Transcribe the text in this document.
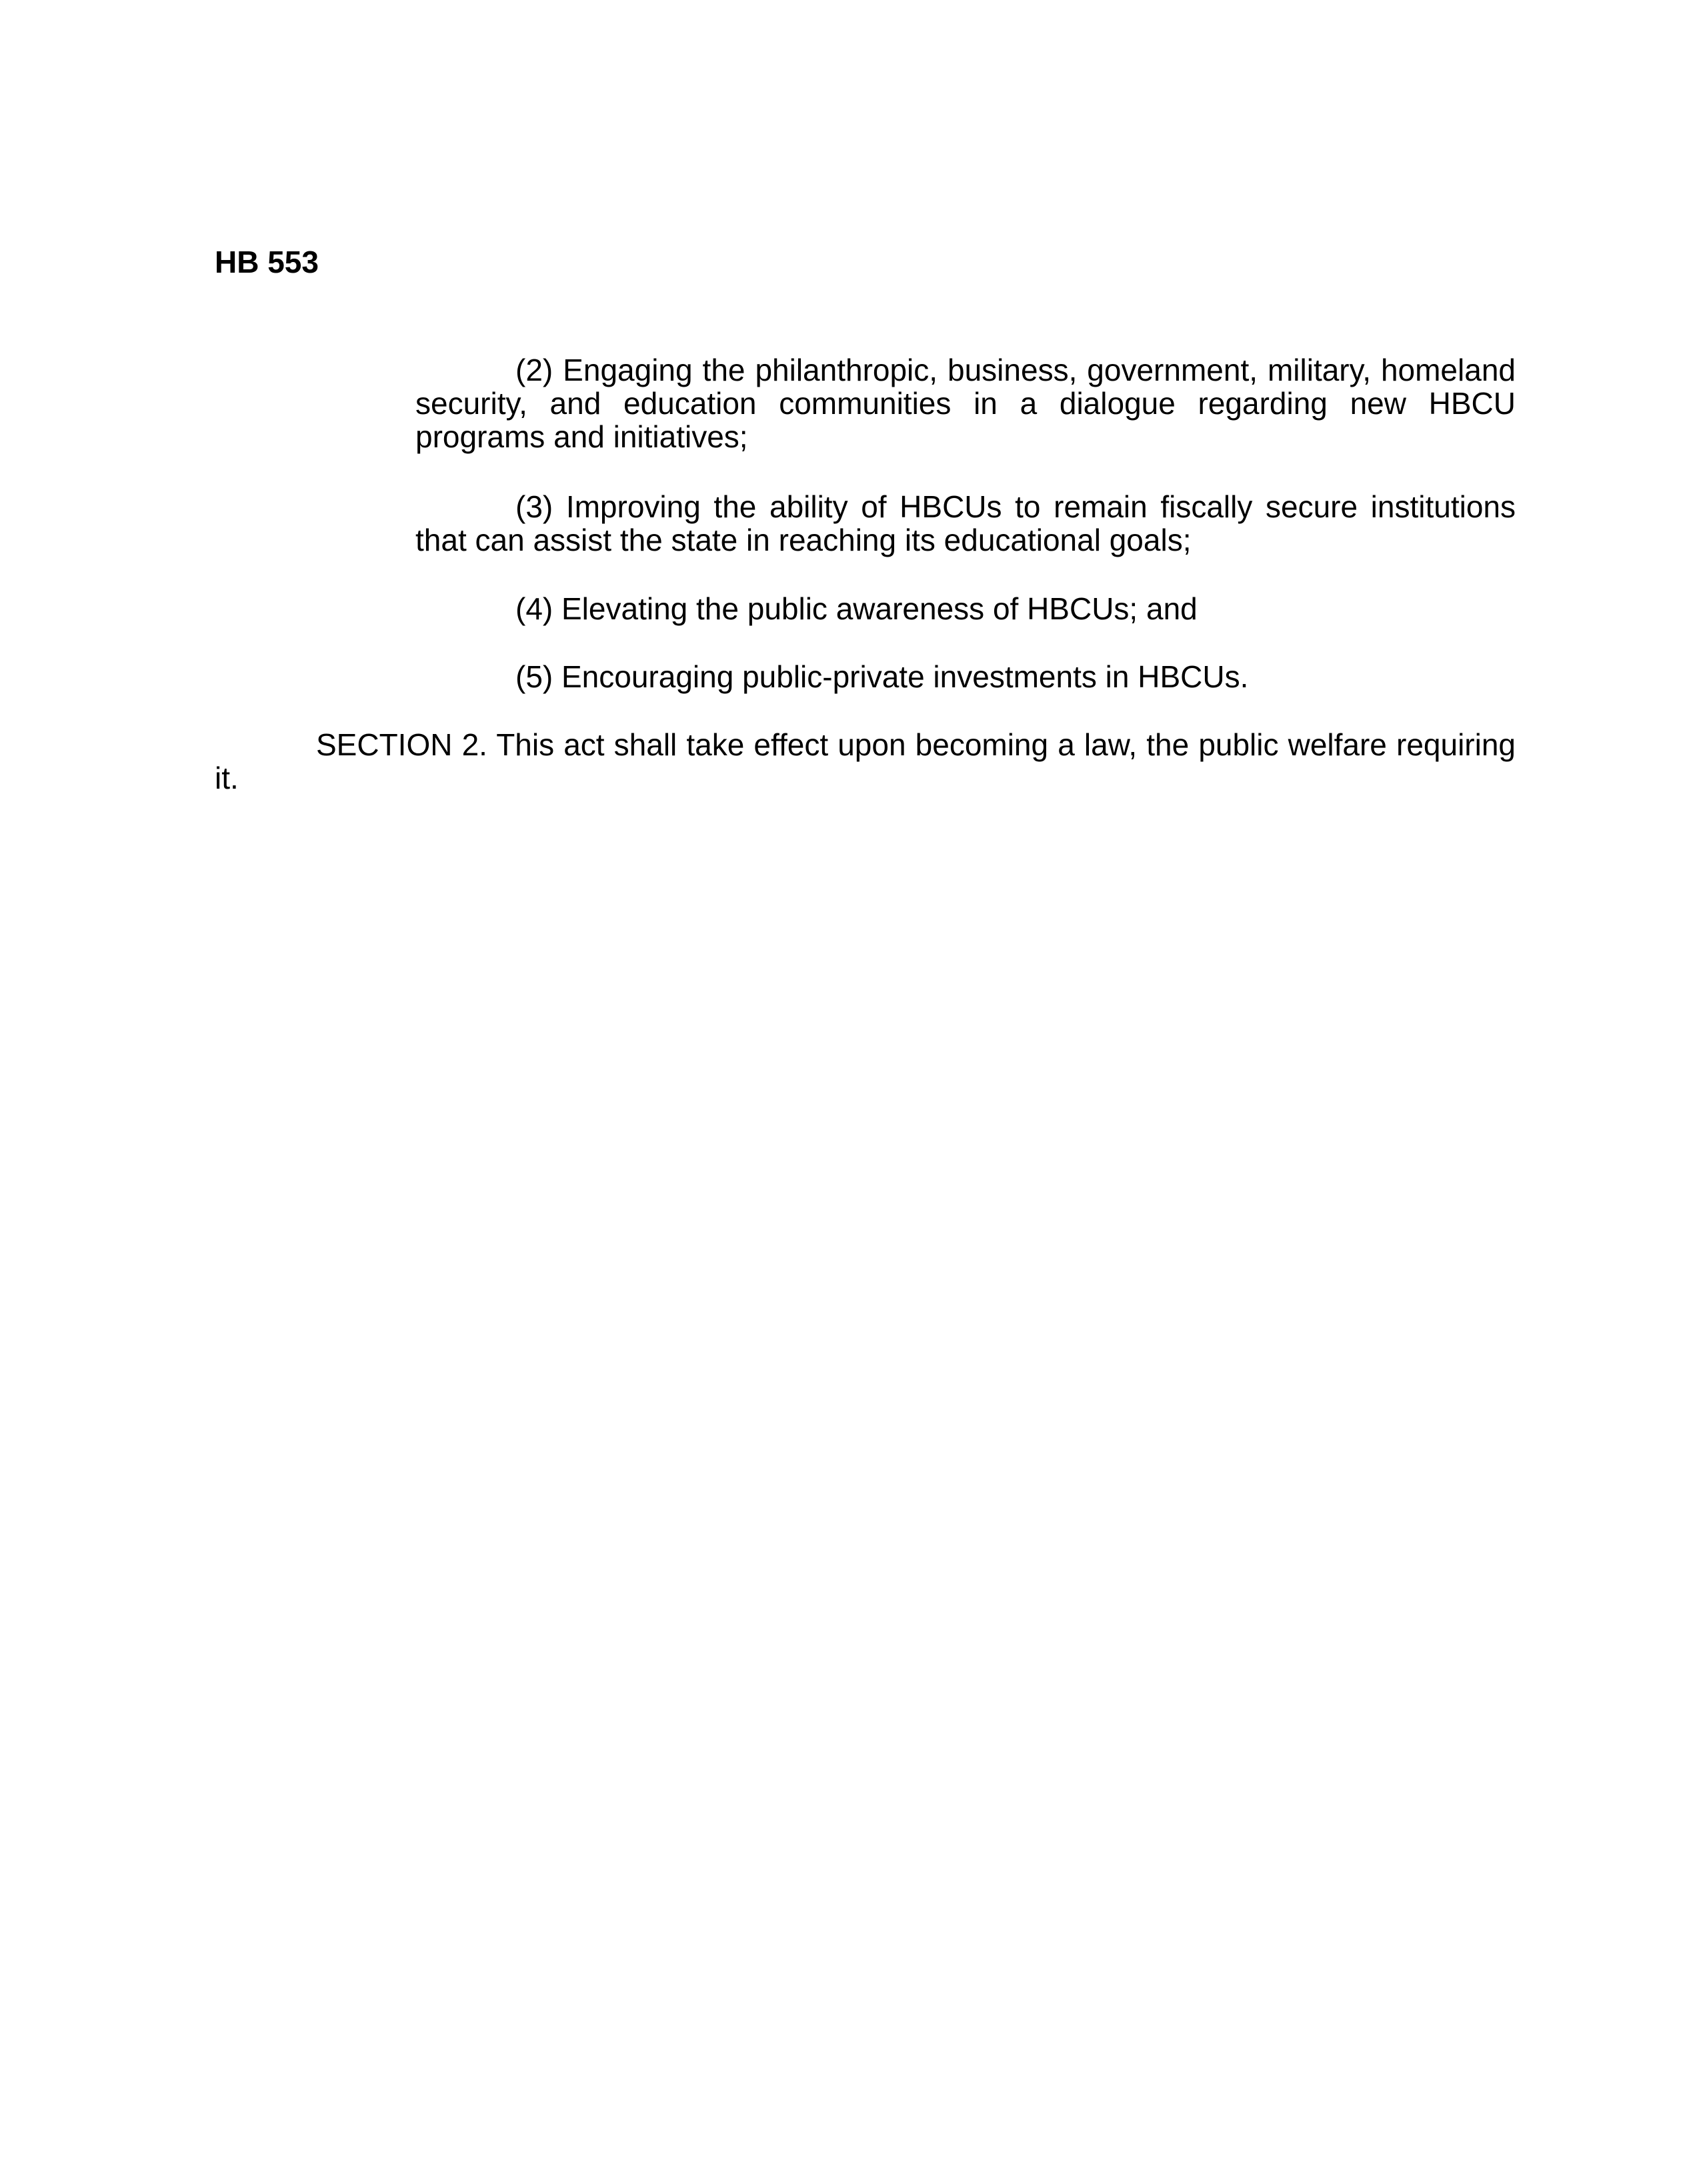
HB 553

(2) Engaging the philanthropic, business, government, military, homeland security, and education communities in a dialogue regarding new HBCU programs and initiatives;

(3) Improving the ability of HBCUs to remain fiscally secure institutions that can assist the state in reaching its educational goals;

(4) Elevating the public awareness of HBCUs; and

(5) Encouraging public-private investments in HBCUs.

SECTION 2. This act shall take effect upon becoming a law, the public welfare requiring it.
